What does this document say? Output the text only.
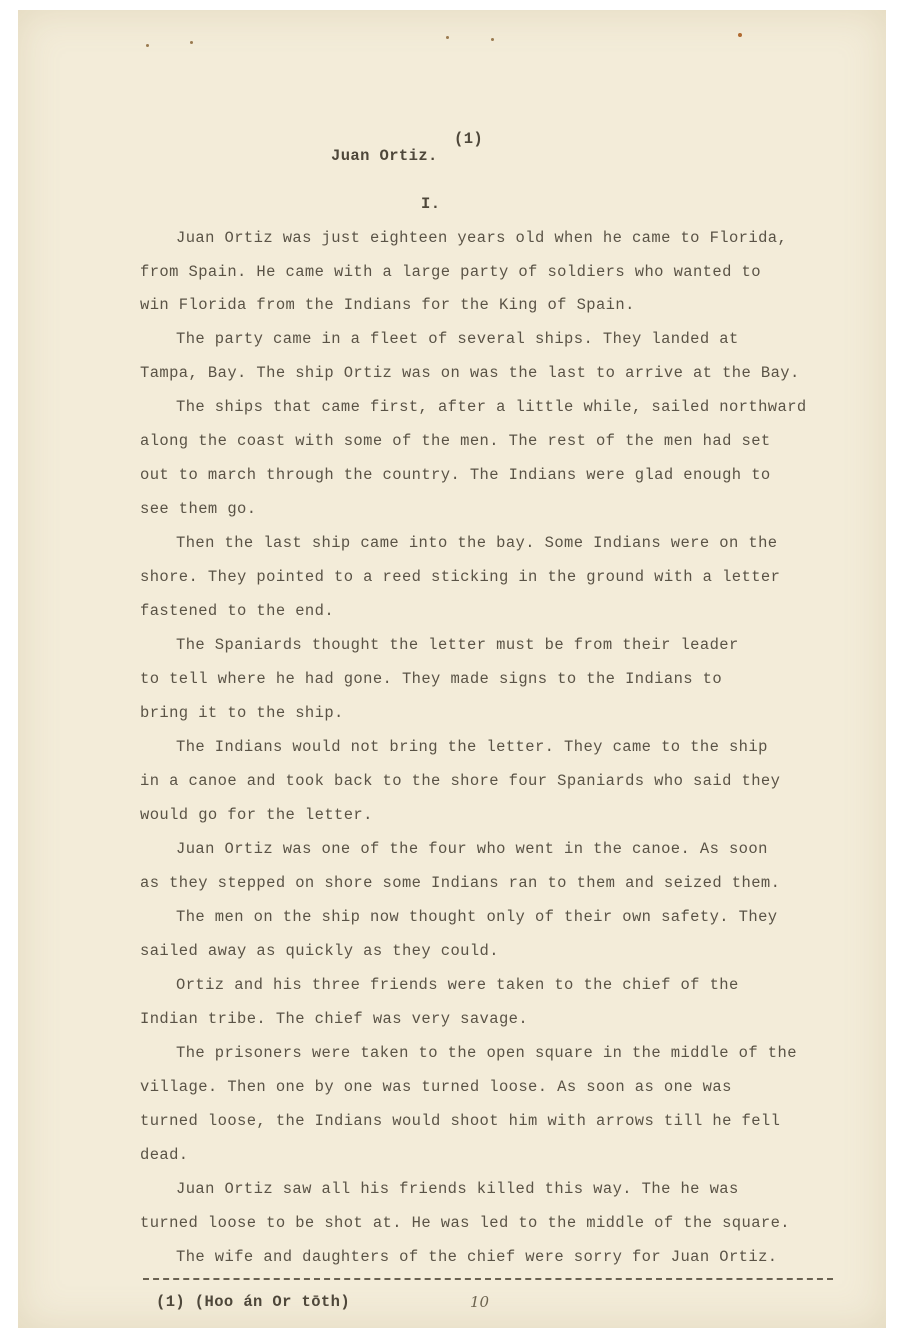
(1)
Juan Ortiz.
I.
Juan Ortiz was just eighteen years old when he came to Florida,
from Spain. He came with a large party of soldiers who wanted to
win Florida from the Indians for the King of Spain.
The party came in a fleet of several ships. They landed at
Tampa, Bay. The ship Ortiz was on was the last to arrive at the Bay.
The ships that came first, after a little while, sailed northward
along the coast with some of the men. The rest of the men had set
out to march through the country. The Indians were glad enough to
see them go.
Then the last ship came into the bay. Some Indians were on the
shore. They pointed to a reed sticking in the ground with a letter
fastened to the end.
The Spaniards thought the letter must be from their leader
to tell where he had gone. They made signs to the Indians to
bring it to the ship.
The Indians would not bring the letter. They came to the ship
in a canoe and took back to the shore four Spaniards who said they
would go for the letter.
Juan Ortiz was one of the four who went in the canoe. As soon
as they stepped on shore some Indians ran to them and seized them.
The men on the ship now thought only of their own safety. They
sailed away as quickly as they could.
Ortiz and his three friends were taken to the chief of the
Indian tribe. The chief was very savage.
The prisoners were taken to the open square in the middle of the
village. Then one by one was turned loose. As soon as one was
turned loose, the Indians would shoot him with arrows till he fell
dead.
Juan Ortiz saw all his friends killed this way. The he was
turned loose to be shot at. He was led to the middle of the square.
The wife and daughters of the chief were sorry for Juan Ortiz.
(1) (Hoo án Or tōth)	10
